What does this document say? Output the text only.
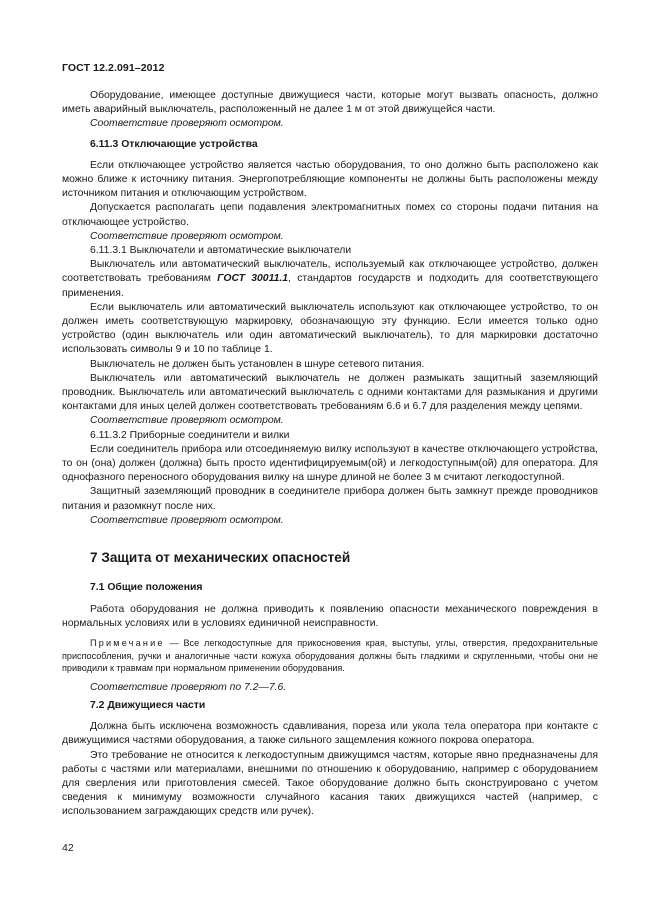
ГОСТ 12.2.091–2012

Оборудование, имеющее доступные движущиеся части, которые могут вызвать опасность, должно иметь аварийный выключатель, расположенный не далее 1 м от этой движущейся части.

Соответствие проверяют осмотром.

6.11.3 Отключающие устройства

Если отключающее устройство является частью оборудования, то оно должно быть расположено как можно ближе к источнику питания. Энергопотребляющие компоненты не должны быть расположены между источником питания и отключающим устройством.

Допускается располагать цепи подавления электромагнитных помех со стороны подачи питания на отключающее устройство.

Соответствие проверяют осмотром.

6.11.3.1 Выключатели и автоматические выключатели

Выключатель или автоматический выключатель, используемый как отключающее устройство, должен соответствовать требованиям ГОСТ 30011.1, стандартов государств и подходить для соответствующего применения.

Если выключатель или автоматический выключатель используют как отключающее устройство, то он должен иметь соответствующую маркировку, обозначающую эту функцию. Если имеется только одно устройство (один выключатель или один автоматический выключатель), то для маркировки достаточно использовать символы 9 и 10 по таблице 1.

Выключатель не должен быть установлен в шнуре сетевого питания.

Выключатель или автоматический выключатель не должен размыкать защитный заземляющий проводник. Выключатель или автоматический выключатель с одними контактами для размыкания и другими контактами для иных целей должен соответствовать требованиям 6.6 и 6.7 для разделения между цепями.

Соответствие проверяют осмотром.

6.11.3.2 Приборные соединители и вилки

Если соединитель прибора или отсоединяемую вилку используют в качестве отключающего устройства, то он (она) должен (должна) быть просто идентифицируемым(ой) и легкодоступным(ой) для оператора. Для однофазного переносного оборудования вилку на шнуре длиной не более 3 м считают легкодоступной.

Защитный заземляющий проводник в соединителе прибора должен быть замкнут прежде проводников питания и разомкнут после них.

Соответствие проверяют осмотром.

7 Защита от механических опасностей
7.1 Общие положения

Работа оборудования не должна приводить к появлению опасности механического повреждения в нормальных условиях или в условиях единичной неисправности.

Примечание — Все легкодоступные для прикосновения края, выступы, углы, отверстия, предохранительные приспособления, ручки и аналогичные части кожуха оборудования должны быть гладкими и скругленными, чтобы они не приводили к травмам при нормальном применении оборудования.

Соответствие проверяют по 7.2—7.6.

7.2 Движущиеся части

Должна быть исключена возможность сдавливания, пореза или укола тела оператора при контакте с движущимися частями оборудования, а также сильного защемления кожного покрова оператора.

Это требование не относится к легкодоступным движущимся частям, которые явно предназначены для работы с частями или материалами, внешними по отношению к оборудованию, например с оборудованием для сверления или приготовления смесей. Такое оборудование должно быть сконструировано с учетом сведения к минимуму возможности случайного касания таких движущихся частей (например, с использованием заграждающих средств или ручек).

42
